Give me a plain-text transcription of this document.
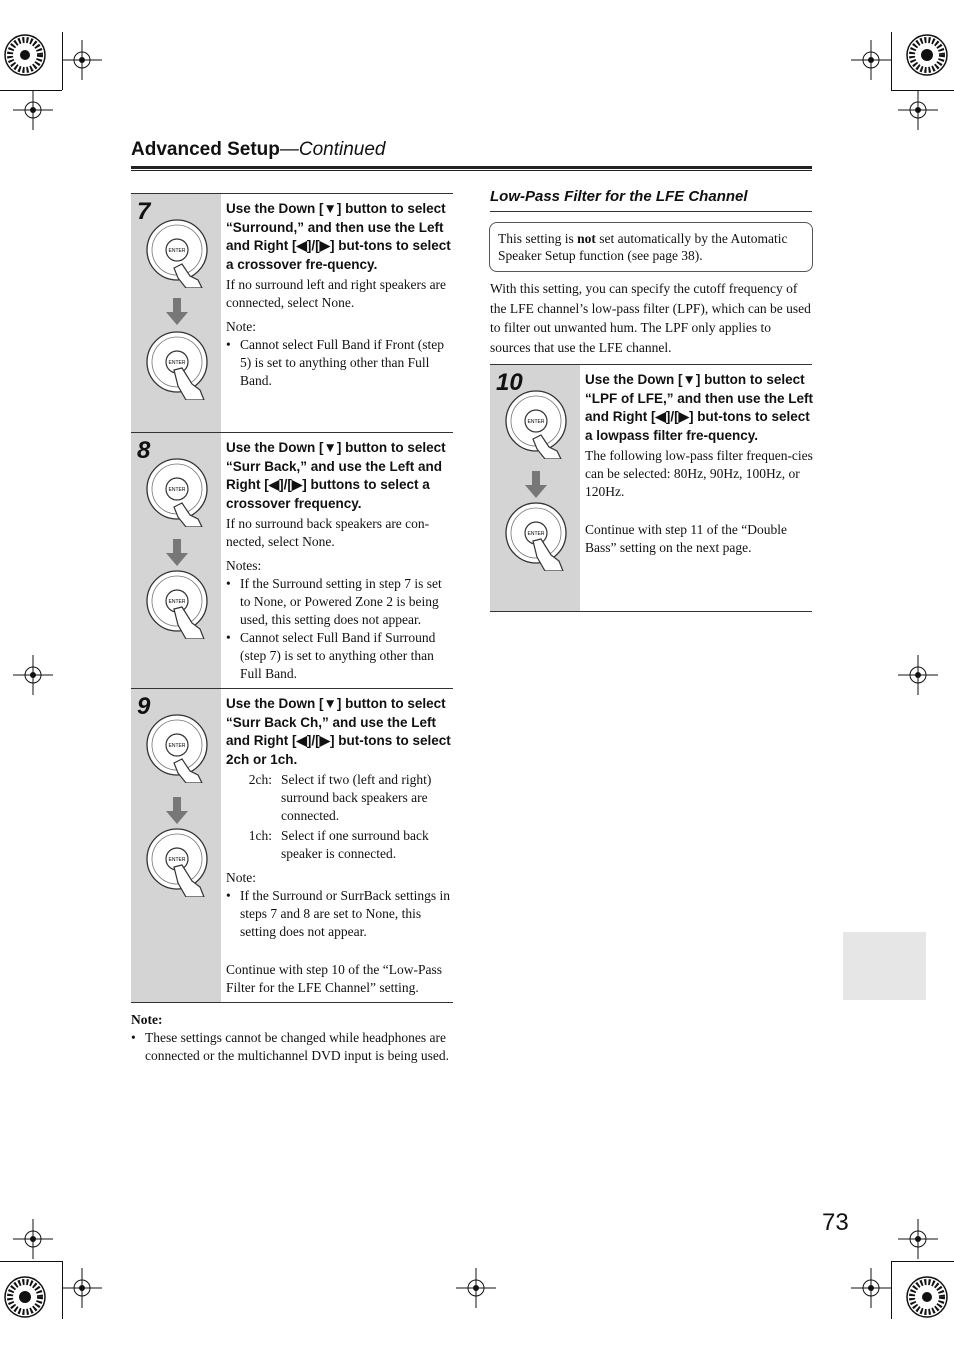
Advanced Setup—Continued
7
ENTER
ENTER
Use the Down [▼] button to select “Surround,” and then use the Left and Right [◀]/[▶] but-tons to select a crossover fre-quency.
If no surround left and right speakers are connected, select None.
Note:
• Cannot select Full Band if Front (step 5) is set to anything other than Full Band.
8
ENTER
ENTER
Use the Down [▼] button to select “Surr Back,” and use the Left and Right [◀]/[▶] buttons to select a crossover frequency.
If no surround back speakers are con-nected, select None.
Notes:
• If the Surround setting in step 7 is set to None, or Powered Zone 2 is being used, this setting does not appear.
• Cannot select Full Band if Surround (step 7) is set to anything other than Full Band.
9
ENTER
ENTER
Use the Down [▼] button to select “Surr Back Ch,” and use the Left and Right [◀]/[▶] but-tons to select 2ch or 1ch.
2ch: Select if two (left and right) surround back speakers are connected.
1ch: Select if one surround back speaker is connected.
Note:
• If the Surround or SurrBack settings in steps 7 and 8 are set to None, this setting does not appear.
Continue with step 10 of the “Low-Pass Filter for the LFE Channel” setting.
Note:
• These settings cannot be changed while headphones are connected or the multichannel DVD input is being used.
Low-Pass Filter for the LFE Channel
This setting is not set automatically by the Automatic Speaker Setup function (see page 38).
With this setting, you can specify the cutoff frequency of the LFE channel’s low-pass filter (LPF), which can be used to filter out unwanted hum. The LPF only applies to sources that use the LFE channel.
10
ENTER
ENTER
Use the Down [▼] button to select “LPF of LFE,” and then use the Left and Right [◀]/[▶] but-tons to select a lowpass filter fre-quency.
The following low-pass filter frequen-cies can be selected: 80Hz, 90Hz, 100Hz, or 120Hz.
Continue with step 11 of the “Double Bass” setting on the next page.
73
